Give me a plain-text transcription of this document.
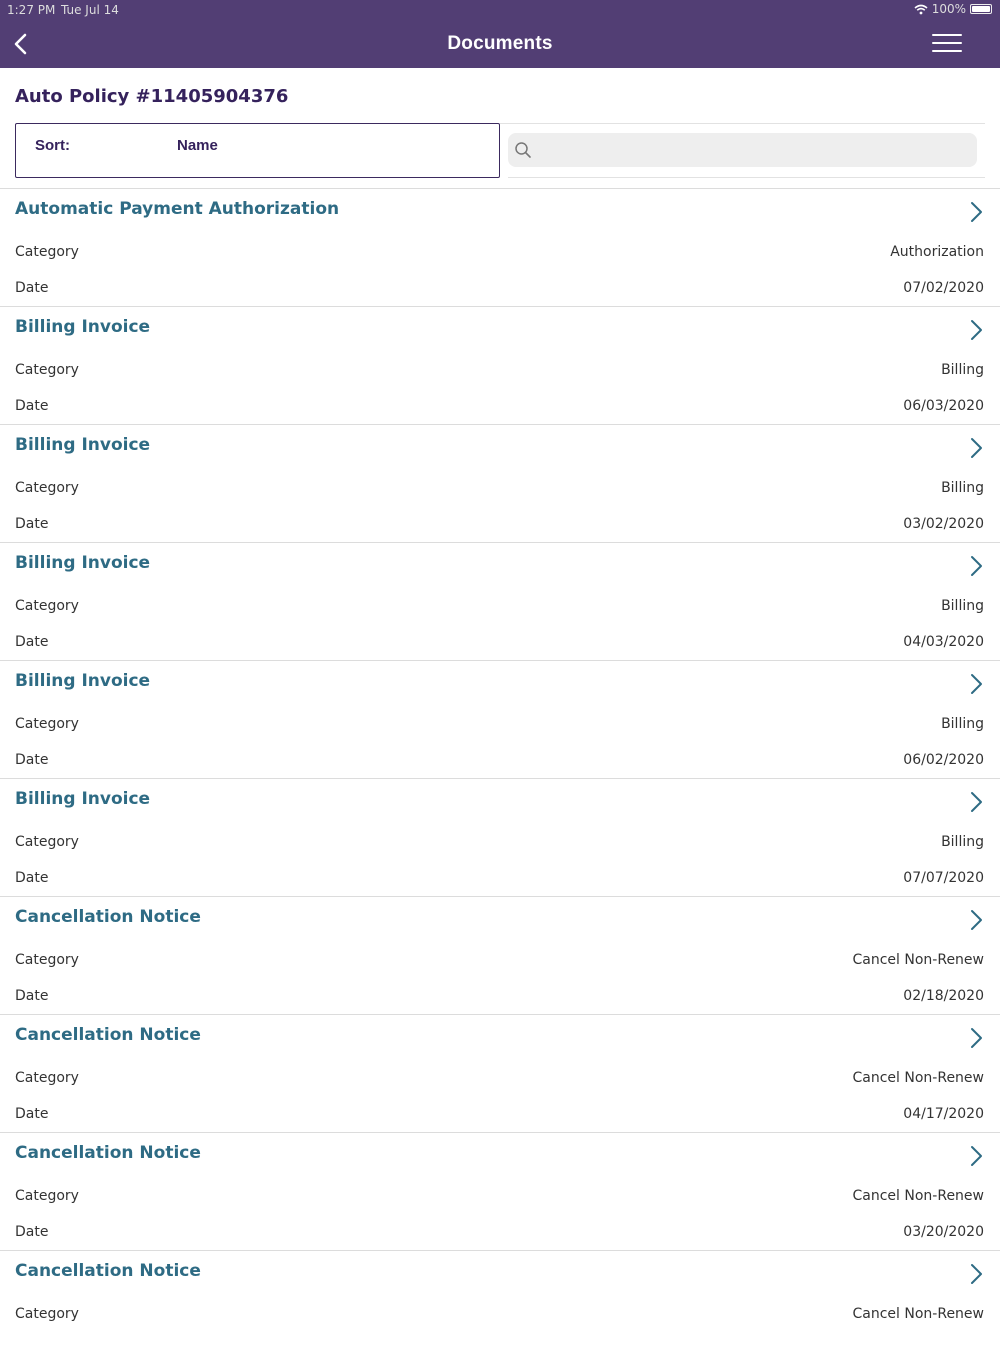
1:27 PM Tue Jul 14	100%
Documents
Auto Policy #11405904376
Sort:	Name
Automatic Payment Authorization
Category	Authorization
Date	07/02/2020
Billing Invoice
Category	Billing
Date	06/03/2020
Billing Invoice
Category	Billing
Date	03/02/2020
Billing Invoice
Category	Billing
Date	04/03/2020
Billing Invoice
Category	Billing
Date	06/02/2020
Billing Invoice
Category	Billing
Date	07/07/2020
Cancellation Notice
Category	Cancel Non-Renew
Date	02/18/2020
Cancellation Notice
Category	Cancel Non-Renew
Date	04/17/2020
Cancellation Notice
Category	Cancel Non-Renew
Date	03/20/2020
Cancellation Notice
Category	Cancel Non-Renew
